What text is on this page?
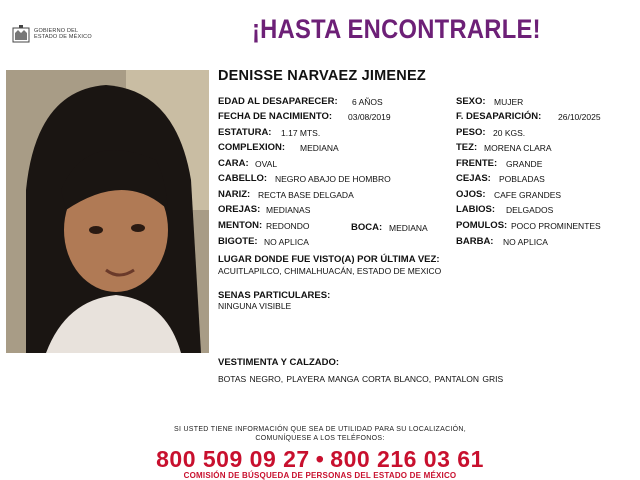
GOBIERNO DEL
ESTADO DE MÉXICO	¡HASTA ENCONTRARLE!
DENISSE NARVAEZ JIMENEZ
EDAD AL DESAPARECER: 6 AÑOS
FECHA DE NACIMIENTO: 03/08/2019
ESTATURA: 1.17 MTS.
COMPLEXION: MEDIANA
CARA: OVAL
CABELLO: NEGRO ABAJO DE HOMBRO
NARIZ: RECTA BASE DELGADA
OREJAS: MEDIANAS
MENTON: REDONDO
BIGOTE: NO APLICA
BOCA: MEDIANA
SEXO: MUJER
F. DESAPARICIÓN: 26/10/2025
PESO: 20 KGS.
TEZ: MORENA CLARA
FRENTE: GRANDE
CEJAS: POBLADAS
OJOS: CAFE GRANDES
LABIOS: DELGADOS
POMULOS: POCO PROMINENTES
BARBA: NO APLICA
LUGAR DONDE FUE VISTO(A) POR ÚLTIMA VEZ:
ACUITLAPILCO, CHIMALHUACÁN, ESTADO DE MEXICO
SENAS PARTICULARES:
NINGUNA VISIBLE
VESTIMENTA Y CALZADO:
BOTAS NEGRO, PLAYERA MANGA CORTA BLANCO, PANTALON GRIS
SI USTED TIENE INFORMACIÓN QUE SEA DE UTILIDAD PARA SU LOCALIZACIÓN,
COMUNÍQUESE A LOS TELÉFONOS:
800 509 09 27 • 800 216 03 61
COMISIÓN DE BÚSQUEDA DE PERSONAS DEL ESTADO DE MÉXICO
